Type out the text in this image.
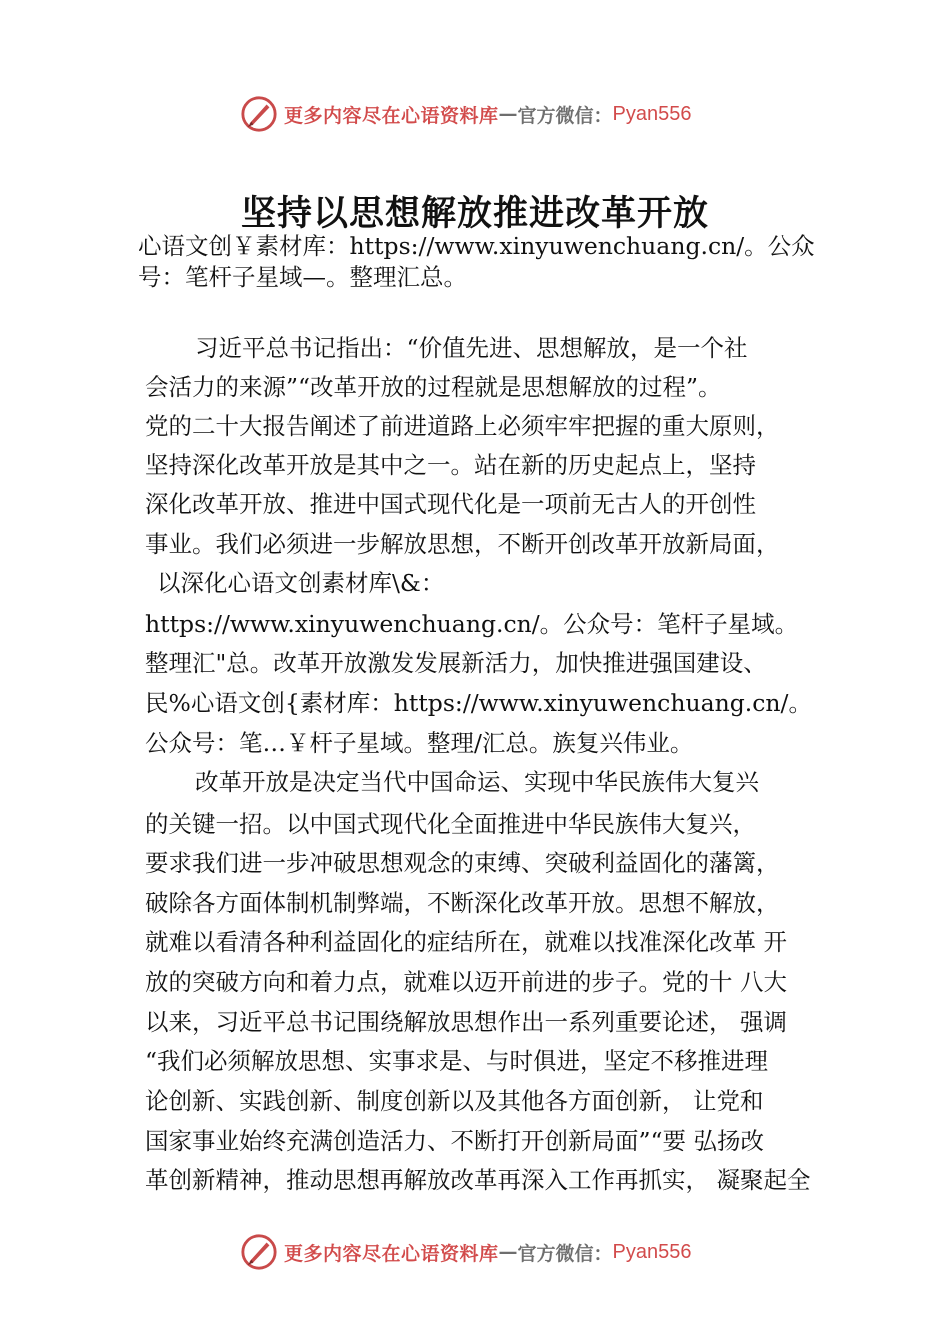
更多内容尽在心语资料库 — 官方微信： Pyan556
坚持以思想解放推进改革开放
心语文创￥素材库：https://www.xinyuwenchuang.cn/。公众
号：笔杆子星域—。整理汇总。
习近平总书记指出：“价值先进、思想解放，是一个社
会活力的来源”“改革开放的过程就是思想解放的过程”。
党的二十大报告阐述了前进道路上必须牢牢把握的重大原则，
坚持深化改革开放是其中之一。站在新的历史起点上，坚持
深化改革开放、推进中国式现代化是一项前无古人的开创性
事业。我们必须进一步解放思想，不断开创改革开放新局面，
以深化心语文创素材库\&：
https://www.xinyuwenchuang.cn/。公众号：笔杆子星域。
整理汇"总。改革开放激发发展新活力，加快推进强国建设、
民%心语文创{素材库：https://www.xinyuwenchuang.cn/。
公众号：笔…￥杆子星域。整理/汇总。族复兴伟业。
改革开放是决定当代中国命运、实现中华民族伟大复兴
的关键一招。以中国式现代化全面推进中华民族伟大复兴，
要求我们进一步冲破思想观念的束缚、突破利益固化的藩篱，
破除各方面体制机制弊端，不断深化改革开放。思想不解放，
就难以看清各种利益固化的症结所在，就难以找准深化改革 开
放的突破方向和着力点，就难以迈开前进的步子。党的十 八大
以来，习近平总书记围绕解放思想作出一系列重要论述， 强调
“我们必须解放思想、实事求是、与时俱进，坚定不移推进理
论创新、实践创新、制度创新以及其他各方面创新， 让党和
国家事业始终充满创造活力、不断打开创新局面”“要 弘扬改
革创新精神，推动思想再解放改革再深入工作再抓实， 凝聚起全
更多内容尽在心语资料库 — 官方微信： Pyan556
